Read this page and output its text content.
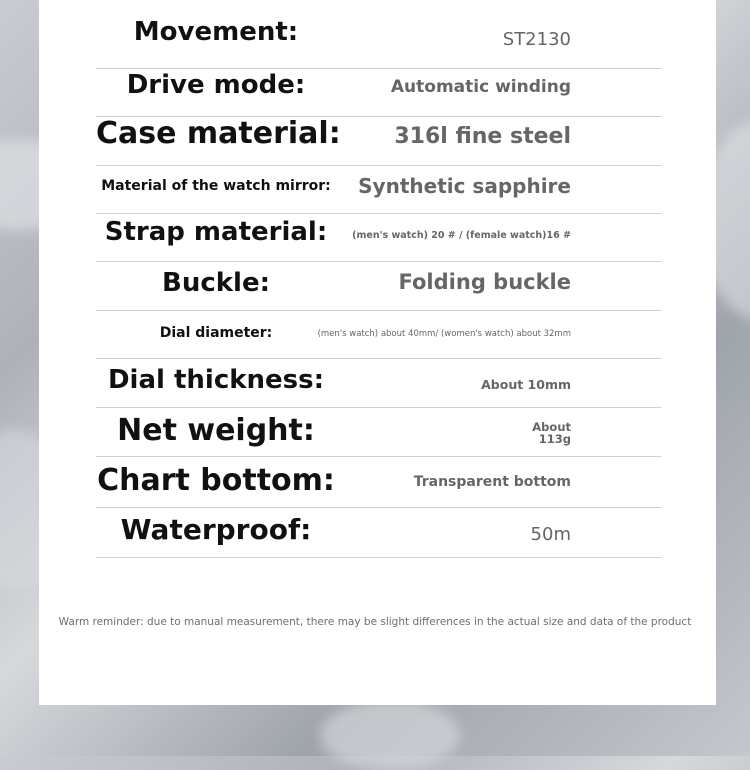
Movement:	ST2130
Drive mode:	Automatic winding
Case material: 316l fine steel
Material of the watch mirror: Synthetic sapphire
Strap material:	(men's watch) 20 # / (female watch)16 #
Buckle:	Folding buckle
Dial diameter:	(men's watch) about 40mm/ (women's watch) about 32mm
Dial thickness:	About 10mm
Net weight:	About 113g
Chart bottom:	Transparent bottom
Waterproof:	50m
Warm reminder: due to manual measurement, there may be slight differences in the actual size and data of the product
